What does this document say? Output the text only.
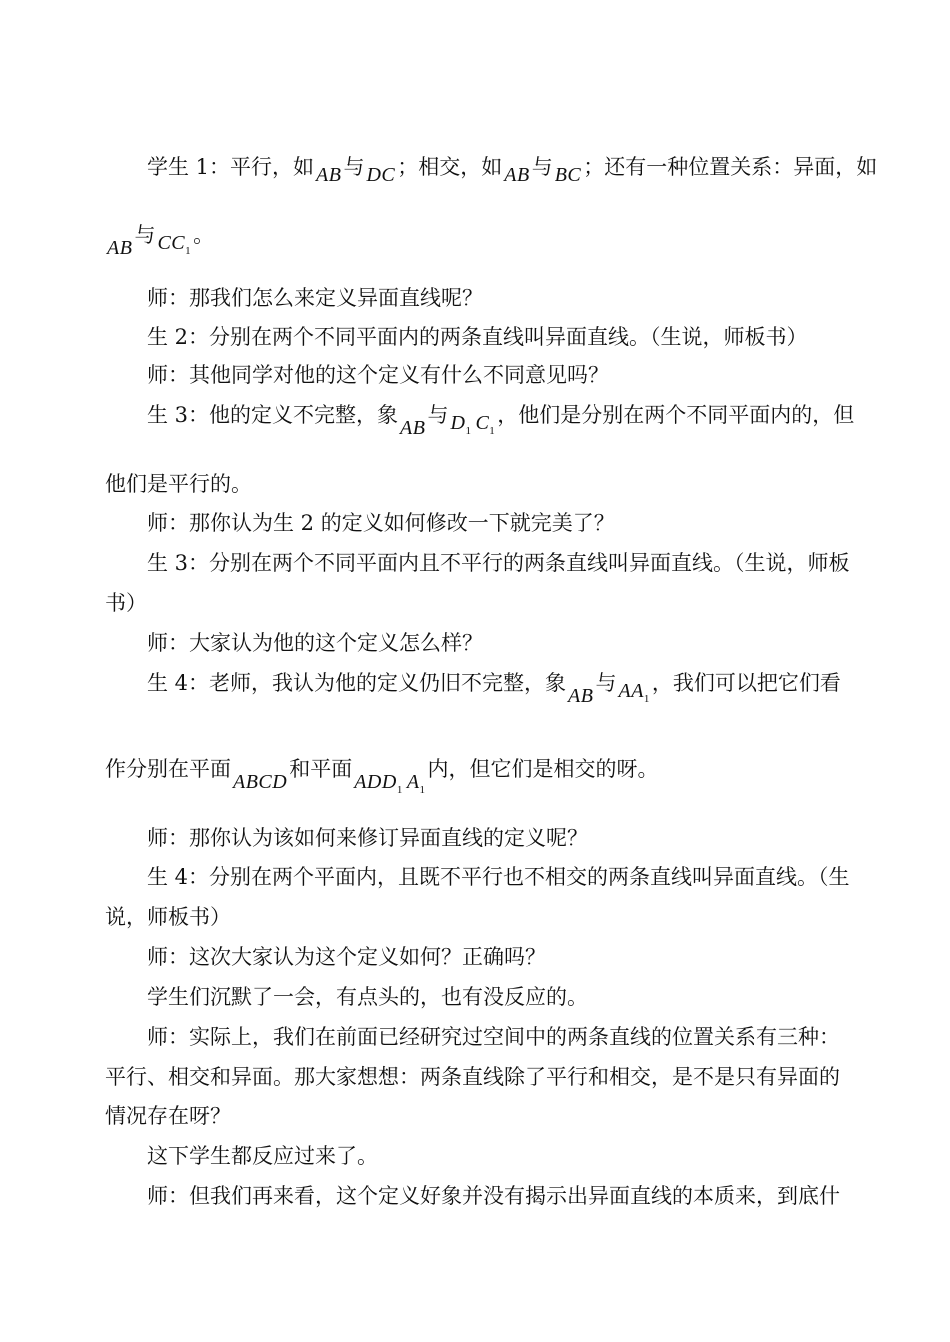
学生 1：平行，如 AB与 DC；相交，如 AB与 BC；还有一种位置关系：异面，如
AB与 $CC_1$。
师：那我们怎么来定义异面直线呢？
生 2：分别在两个不同平面内的两条直线叫异面直线。（生说，师板书）
师：其他同学对他的这个定义有什么不同意见吗？
生 3：他的定义不完整，象AB与 $D_1$ $C_1$，他们是分别在两个不同平面内的，但
他们是平行的。
师：那你认为生 2 的定义如何修改一下就完美了？
生 3：分别在两个不同平面内且不平行的两条直线叫异面直线。（生说，师板
书）
师：大家认为他的这个定义怎么样？
生 4：老师，我认为他的定义仍旧不完整，象AB与 $AA_1$，我们可以把它们看
作分别在平面ABCD和平面$ADD_1$ $A_1$内，但它们是相交的呀。
师：那你认为该如何来修订异面直线的定义呢？
生 4：分别在两个平面内，且既不平行也不相交的两条直线叫异面直线。（生
说，师板书）
师：这次大家认为这个定义如何？正确吗？
学生们沉默了一会，有点头的，也有没反应的。
师：实际上，我们在前面已经研究过空间中的两条直线的位置关系有三种：
平行、相交和异面。那大家想想：两条直线除了平行和相交，是不是只有异面的
情况存在呀？
这下学生都反应过来了。
师：但我们再来看，这个定义好象并没有揭示出异面直线的本质来，到底什
